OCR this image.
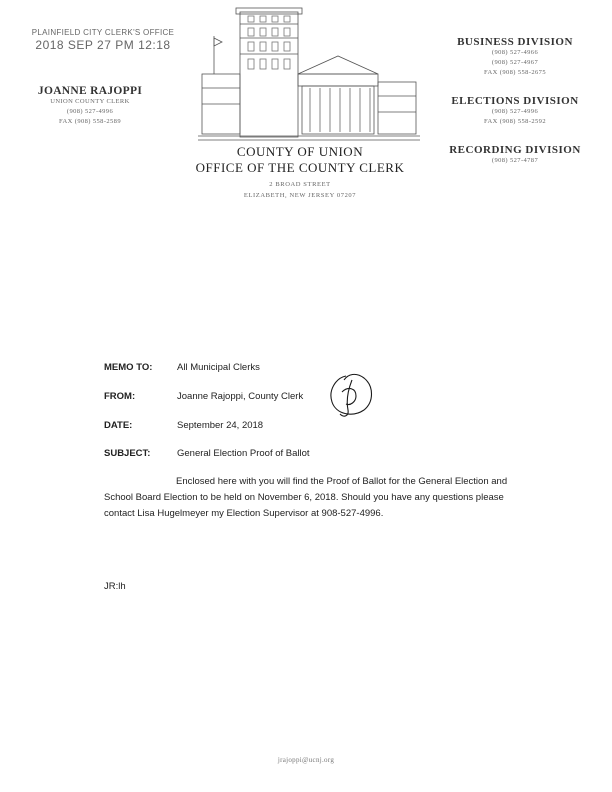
PLAINFIELD CITY CLERK'S OFFICE
2018 SEP 27 PM 12:18
JOANNE RAJOPPI
UNION COUNTY CLERK
(908) 527-4996
FAX (908) 558-2589
COUNTY OF UNION
OFFICE OF THE COUNTY CLERK
2 BROAD STREET
ELIZABETH, NEW JERSEY 07207
BUSINESS DIVISION
(908) 527-4966
(908) 527-4967
FAX (908) 558-2675
ELECTIONS DIVISION
(908) 527-4996
FAX (908) 558-2592
RECORDING DIVISION
(908) 527-4787
MEMO TO:	All Municipal Clerks
FROM:	Joanne Rajoppi, County Clerk
DATE:	September 24, 2018
SUBJECT:	General Election Proof of Ballot

Enclosed here with you will find the Proof of Ballot for the General Election and School Board Election to be held on November 6, 2018. Should you have any questions please contact Lisa Hugelmeyer my Election Supervisor at 908-527-4996.

JR:lh
jrajoppi@ucnj.org
